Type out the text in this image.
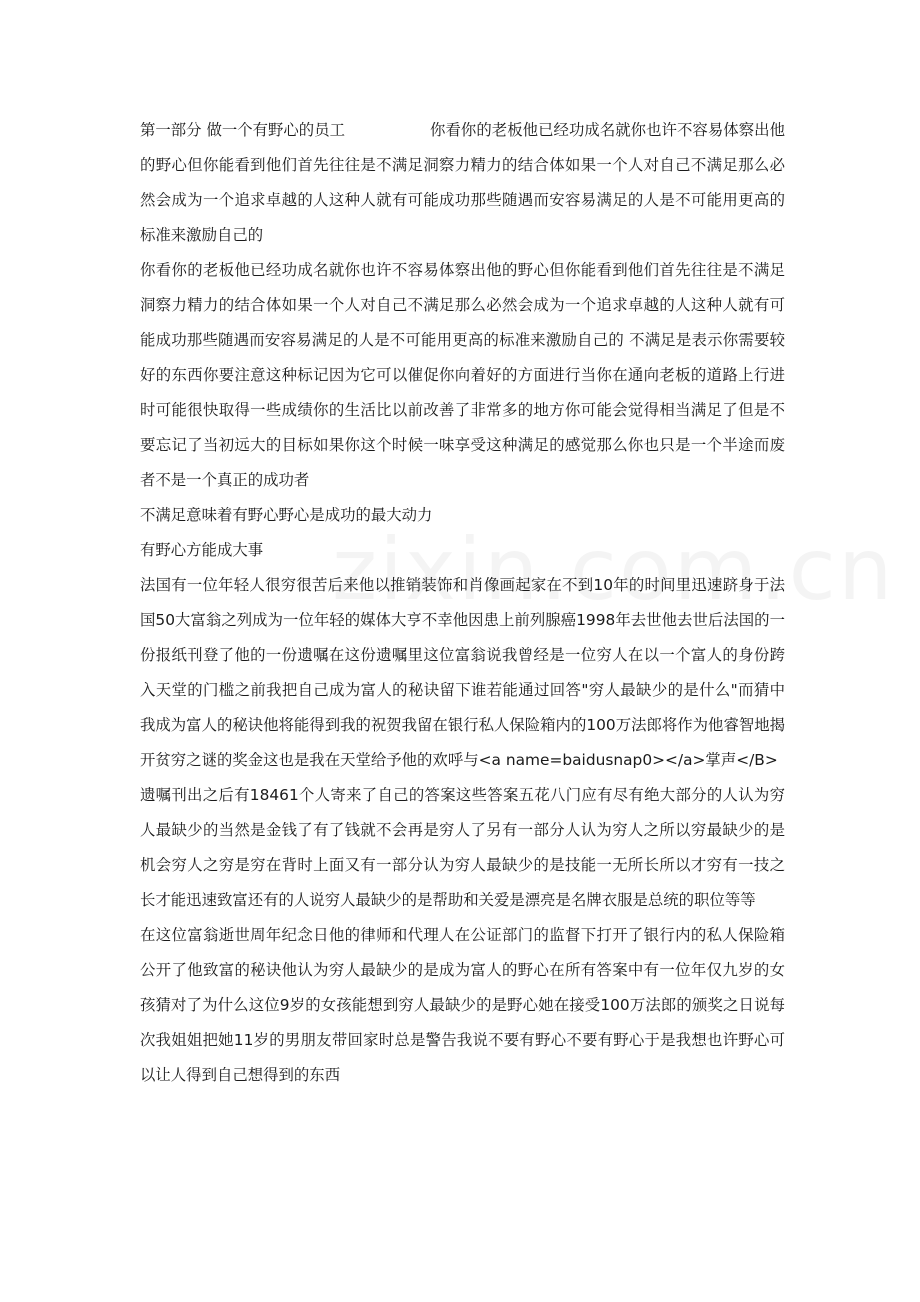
第一部分 做一个有野心的员工	你看你的老板他已经功成名就你也许不容易体察出他的野心但你能看到他们首先往往是不满足洞察力精力的结合体如果一个人对自己不满足那么必然会成为一个追求卓越的人这种人就有可能成功那些随遇而安容易满足的人是不可能用更高的标准来激励自己的

你看你的老板他已经功成名就你也许不容易体察出他的野心但你能看到他们首先往往是不满足洞察力精力的结合体如果一个人对自己不满足那么必然会成为一个追求卓越的人这种人就有可能成功那些随遇而安容易满足的人是不可能用更高的标准来激励自己的 不满足是表示你需要较好的东西你要注意这种标记因为它可以催促你向着好的方面进行当你在通向老板的道路上行进时可能很快取得一些成绩你的生活比以前改善了非常多的地方你可能会觉得相当满足了但是不要忘记了当初远大的目标如果你这个时候一味享受这种满足的感觉那么你也只是一个半途而废者不是一个真正的成功者

不满足意味着有野心野心是成功的最大动力

有野心方能成大事

法国有一位年轻人很穷很苦后来他以推销装饰和肖像画起家在不到10年的时间里迅速跻身于法国50大富翁之列成为一位年轻的媒体大亨不幸他因患上前列腺癌1998年去世他去世后法国的一份报纸刊登了他的一份遗嘱在这份遗嘱里这位富翁说我曾经是一位穷人在以一个富人的身份跨入天堂的门槛之前我把自己成为富人的秘诀留下谁若能通过回答"穷人最缺少的是什么"而猜中我成为富人的秘诀他将能得到我的祝贺我留在银行私人保险箱内的100万法郎将作为他睿智地揭开贫穷之谜的奖金这也是我在天堂给予他的欢呼与<a name=baidusnap0></a>掌声</B>

遗嘱刊出之后有18461个人寄来了自己的答案这些答案五花八门应有尽有绝大部分的人认为穷人最缺少的当然是金钱了有了钱就不会再是穷人了另有一部分人认为穷人之所以穷最缺少的是机会穷人之穷是穷在背时上面又有一部分认为穷人最缺少的是技能一无所长所以才穷有一技之长才能迅速致富还有的人说穷人最缺少的是帮助和关爱是漂亮是名牌衣服是总统的职位等等

在这位富翁逝世周年纪念日他的律师和代理人在公证部门的监督下打开了银行内的私人保险箱公开了他致富的秘诀他认为穷人最缺少的是成为富人的野心在所有答案中有一位年仅九岁的女孩猜对了为什么这位9岁的女孩能想到穷人最缺少的是野心她在接受100万法郎的颁奖之日说每次我姐姐把她11岁的男朋友带回家时总是警告我说不要有野心不要有野心于是我想也许野心可以让人得到自己想得到的东西
